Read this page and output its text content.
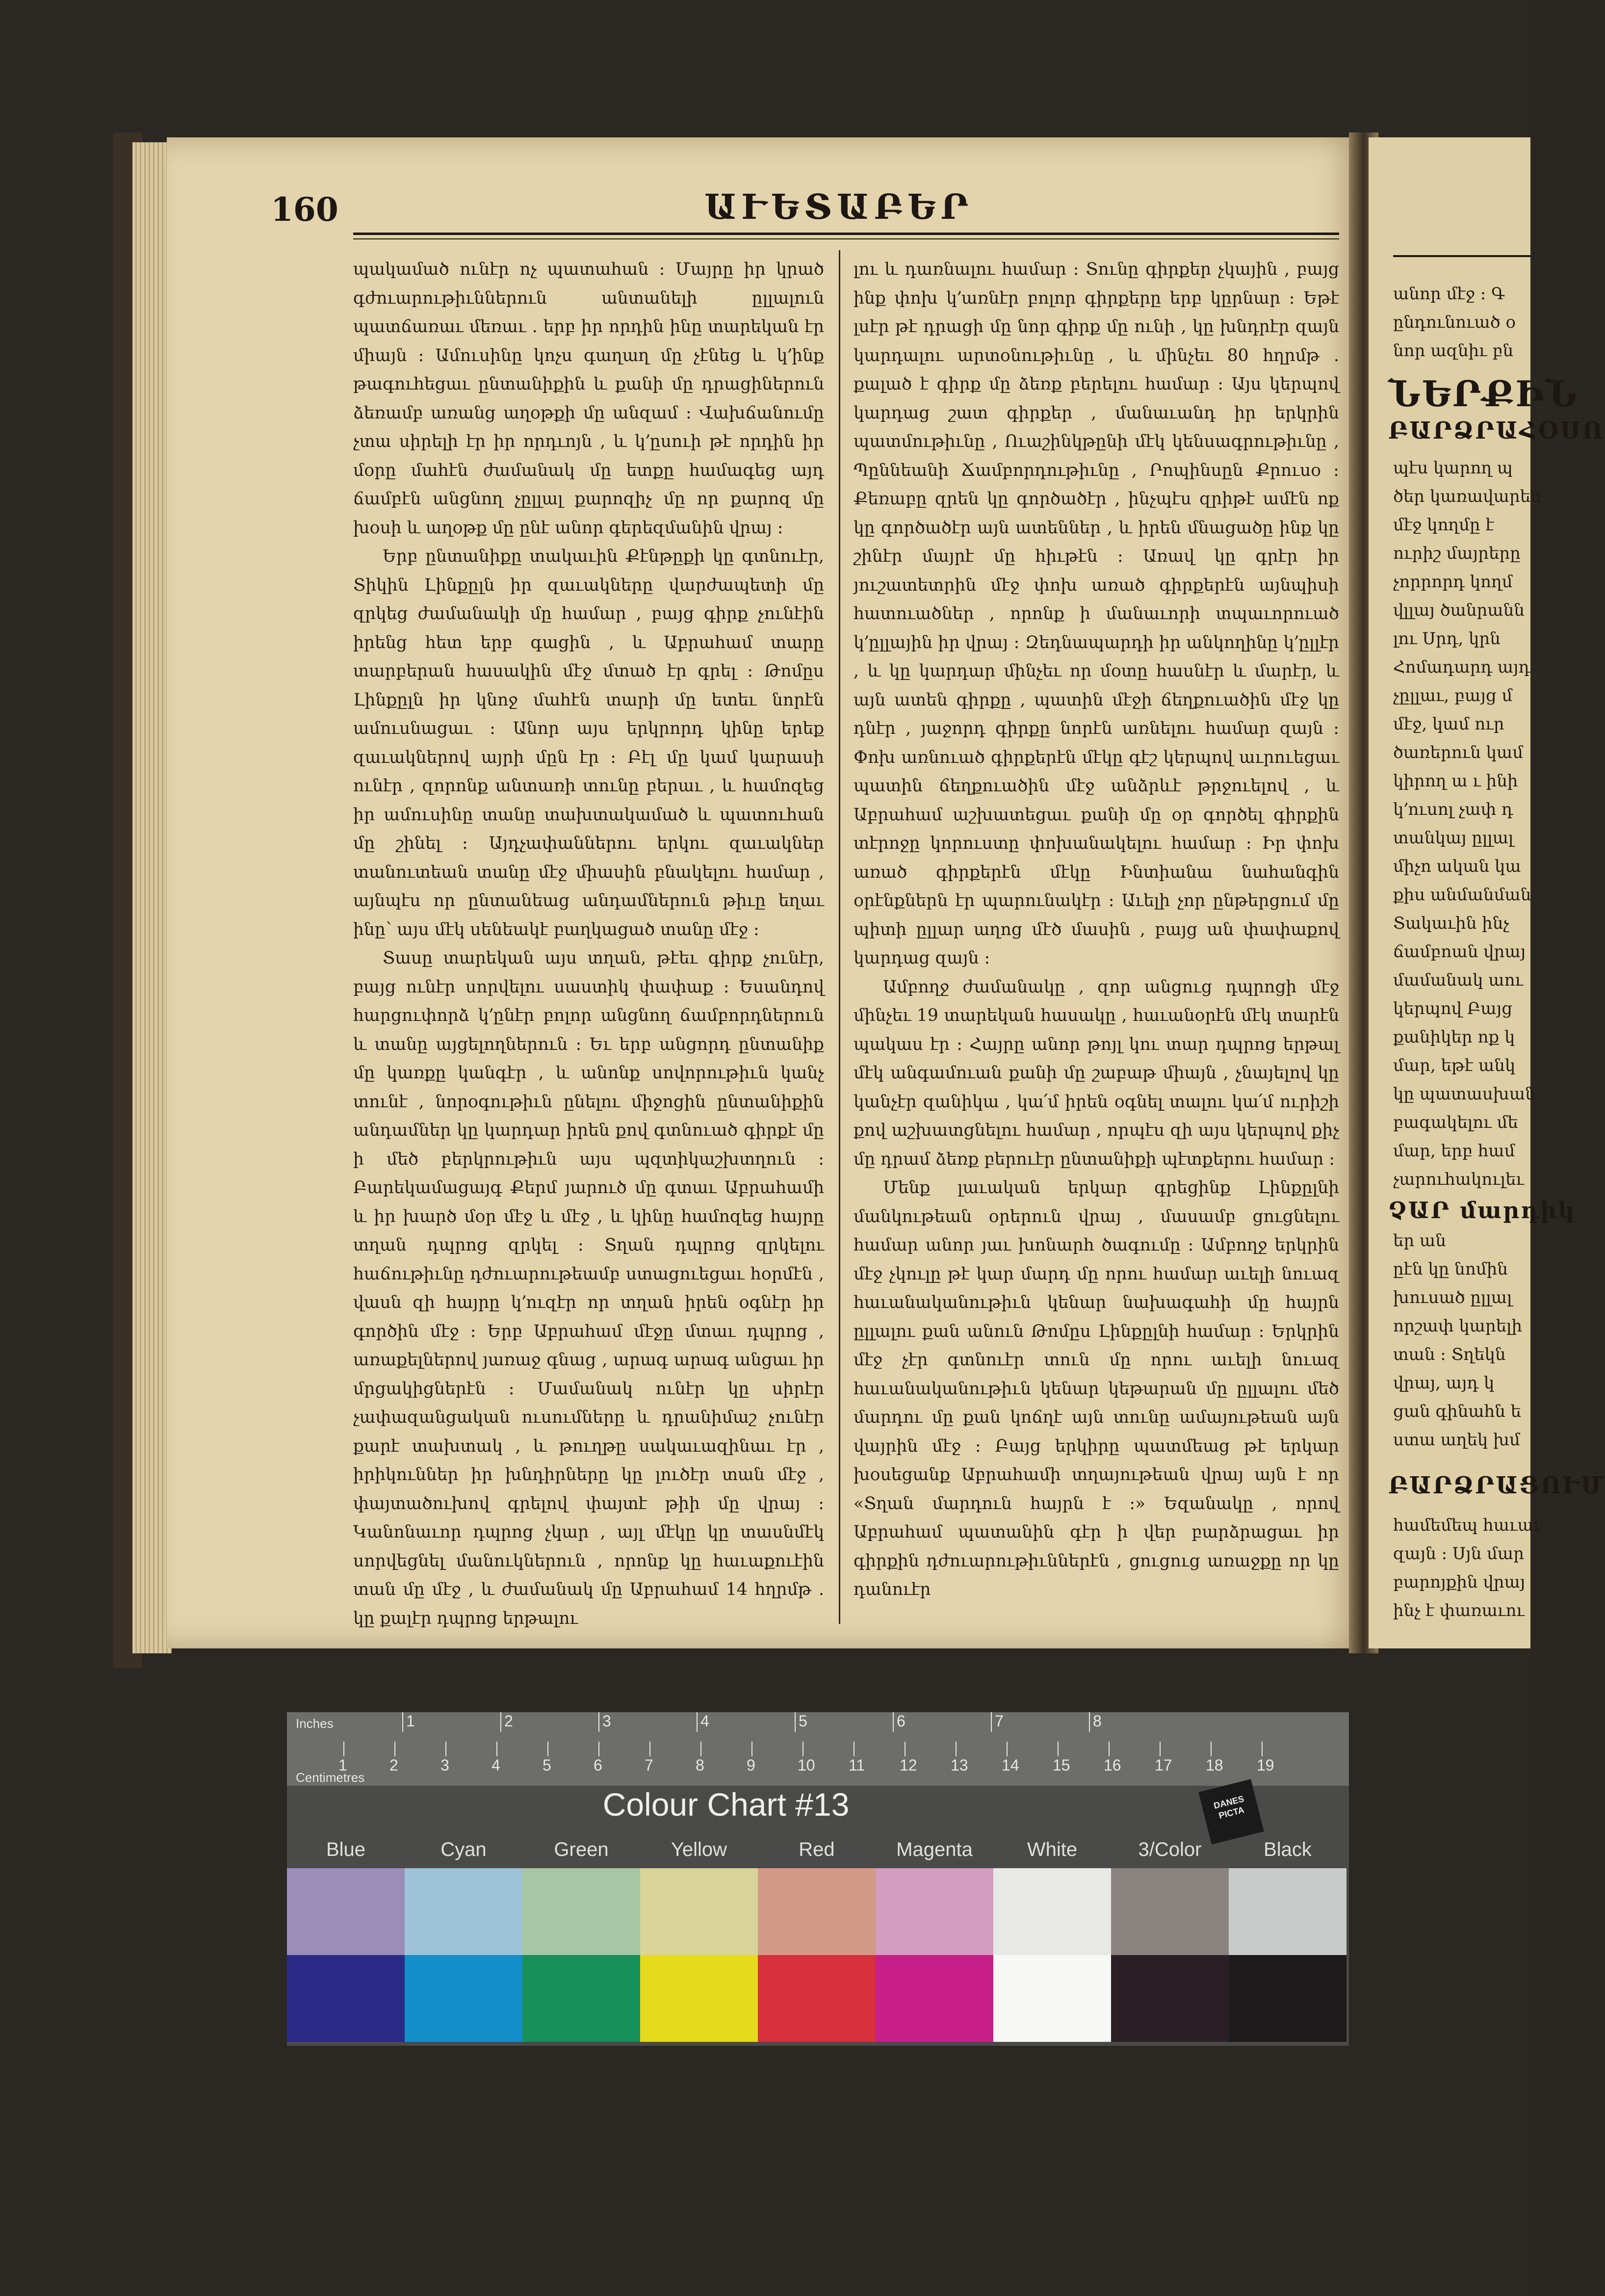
160	ԱՒԵՏԱԲԵՐ

պակամած ունէր ոչ պատահան ։ Մայրը իր կրած գժուարութիւններուն անտանելի ըլլալուն պատճառաւ մեռաւ . երբ իր որդին ինը տարեկան էր միայն ։ Ամուսինը կոչս գաղաղ մը չէնեց և կ՚ինք թագուհեցաւ ընտանիքին և քանի մը դրացիներուն ձեռամբ առանց աղօթքի մը անզամ ։ Վախճանումը չտա սիրելի էր իր որդւոյն , և կ՚ըսուի թէ որդին իր մօրը մահէն ժամանակ մը ետքը համագեց այդ ճամբէն անցնող չըլլալ քարոզիչ մը որ քարոզ մը խօսի և աղօթք մը ընէ անոր գերեզմանին վրայ ։

Երբ ընտանիքը տակաւին Քէնթըքի կը գտնուէր, Տիկին Լինքըլն իր զաւակները վարժապետի մը զրկեց ժամանակի մը համար , բայց գիրք չունէին իրենց հետ երբ գացին , և Աբրահամ տարը տարբերան հասակին մէջ մտած էր գրել ։ Թոմըս Լինքըլն իր կնոջ մահէն տարի մը ետեւ նորէն ամուսնացաւ ։ Անոր այս երկրորդ կինը երեք զաւակներով այրի մըն էր ։ Բէլ մը կամ կարասի ունէր , զորոնք անտառի տունը բերաւ , և համոզեց իր ամուսինը տանը տախտակամած և պատուհան մը շինել ։ Այդչափաններու երկու զաւակներ տանուտեան տանը մէջ միասին բնակելու համար , այնպէս որ ընտանեաց անդամներուն թիւը եղաւ ինը՝ այս մէկ սենեակէ բաղկացած տանը մէջ ։

Տասը տարեկան այս տղան, թէեւ գիրք չունէր, բայց ունէր սորվելու սաստիկ փափաք ։ Եսանդով հարցուփորձ կ՚ընէր բոլոր անցնող ճամբորդներուն և տանը այցելողներուն ։ Եւ երբ անցորդ ընտանիք մը կառքը կանգէր , և անոնք սովորութիւն կանչ տունէ , նորօգութիւն ընելու միջոցին ընտանիքին անդամներ կը կարդար իրեն քով գտնուած գիրքէ մը ի մեծ բերկրութիւն այս պզտիկաշխտղուն ։ Բարեկամացայգ Քերմ յարուծ մը գտաւ Աբրահամի և իր խարծ մօր մէջ և մէջ , և կինը համոզեց հայրը տղան դպրոց զրկել ։ Տղան դպրոց զրկելու հաճութիւնը դժուարութեամբ ստացուեցաւ հօրմէն , վասն զի հայրը կ՚ուզէր որ տղան իրեն օգնէր իր գործին մէջ ։ Երբ Աբրահամ մէջը մտաւ դպրոց , առաքելներով յառաջ գնաց , արագ արագ անցաւ իր մրցակիցներէն ։ Մամանակ ունէր կը սիրէր չափազանցական ուսումները և դրանիմաշ չունէր քարէ տախտակ , և թուղթը սակաւազինաւ էր , իրիկուններ իր խնդիրները կը լուծէր տան մէջ , փայտածուխով գրելով փայտէ թիի մը վրայ ։ Կանոնաւոր դպրոց չկար , այլ մէկը կը տասնմէկ սորվեցնել մանուկներուն , որոնք կը հաւաքուէին տան մը մէջ , և ժամանակ մը Աբրահամ 14 հղրմթ . կը քալէր դպրոց երթալու

լու և դառնալու համար ։ Տունը գիրքեր չկային , բայց ինք փոխ կ՚առնէր բոլոր գիրքերը երբ կըրնար ։ Եթէ լսէր թէ դրացի մը նոր գիրք մը ունի , կը խնդրէր զայն կարդալու արտօնութիւնը , և մինչեւ 80 հղրմթ . քալած է գիրք մը ձեռք բերելու համար ։ Այս կերպով կարդաց շատ գիրքեր , մանաւանդ իր երկրին պատմութիւնը , Ուաշինկթընի մէկ կենսագրութիւնը , Պըննեանի Ճամբորդութիւնը , Րոպինսըն Քրուսօ ։ Քեռաբը զրեն կը գործածէր , ինչպէս զրիթէ ամէն ոք կը գործածէր այն ատեններ , և իրեն մնացածը ինք կը շինէր մայրէ մը հիւթէն ։ Առավ կը գրէր իր յուշատետրին մէջ փոխ առած գիրքերէն այնպիսի հատուածներ , որոնք ի մանաւորի տպաւորուած կ՚ըլլային իր վրայ ։ Զեդնապարդի իր անկողինը կ՚ըլլէր , և կը կարդար մինչեւ որ մօտը հասնէր և մարէր, և այն ատեն գիրքը , պատին մէջի ճեղքուածին մէջ կը դնէր , յաջորդ գիրքը նորէն առնելու համար զայն ։ Փոխ առնուած գիրքերէն մէկը գէշ կերպով աւրուեցաւ պատին ճեղքուածին մէջ անձրևէ թրջուելով , և Աբրահամ աշխատեցաւ քանի մը օր գործել գիրքին տէրոջը կորուստը փոխանակելու համար ։ Իր փոխ առած գիրքերէն մէկը Ինտիանա նահանգին օրէնքներն էր պարունակէր ։ Աւելի չոր ընթերցում մը պիտի ըլլար աղոց մէծ մասին , բայց ան փափաքով կարդաց զայն ։

Ամբողջ ժամանակը , զոր անցուց դպրոցի մէջ մինչեւ 19 տարեկան հասակը , հաւանօրէն մէկ տարէն պակաս էր ։ Հայրը անոր թոյլ կու տար դպրոց երթալ մէկ անգամուան քանի մը շաբաթ միայն , չնայելով կը կանչէր զանիկա , կա՛մ իրեն օգնել տալու կա՛մ ուրիշի քով աշխատցնելու համար , որպէս զի այս կերպով քիչ մը դրամ ձեռք բերուէր ընտանիքի պէտքերու համար ։

Մենք լաւական երկար գրեցինք Լինքըլնի մանկութեան օրերուն վրայ , մասամբ ցուցնելու համար անոր յաւ խոնարհ ծագումը ։ Ամբողջ երկրին մէջ չկուլը թէ կար մարդ մը որու համար աւելի նուազ հաւանականութիւն կենար նախագահի մը հայրն ըլլալու քան անուն Թոմըս Լինքըլնի համար ։ Երկրին մէջ չէր գտնուէր տուն մը որու աւելի նուազ հաւանականութիւն կենար կեթարան մը ըլլալու մեծ մարդու մը քան կոճղէ այն տունը ամայութեան այն վայրին մէջ ։ Բայց երկիրը պատմեաց թէ երկար խօսեցանք Աբրահամի տղայութեան վրայ այն է որ «Տղան մարդուն հայրն է ։» Եզանակը , որով Աբրահամ պատանին գէր ի վեր բարձրացաւ իր գիրքին դժուարութիւններէն , ցուցուց առաջքը որ կը դանուէր

անոր մէջ ։ Գ
ընդունուած օ
նոր ազնիւ բն
ՆԵՐՔԻՆ
ԲԱՐՁՐԱՀՕՍՈ
պէս կարող պ
ծեր կառավարեն
մէջ կողմը է
ուրիշ մայրերը
չորրորդ կողմ
վլլայ ծանրանն
լու Սրդ, կրն
Հոմադարդ այդ
չըլլաւ, բայց մ
մէջ, կամ ուր
ծառերուն կամ
կիրող ա ւ ինի
կ՚ուսոլ չափ դ
տանկայ ըլլալ
միչո ական կա
քիս անմանման
Տակաւին ինչ
ճամբոան վրայ
մամանակ աու
կերպով Բայց
քանիկեր ոք կ
մար, եթէ անկ
կը պատասխան
բագակելու մե
մար, երբ համ
չարուհակուլեւ
ՉԱՐ մարդիկ
եր ան
ըէն կը նոմին
խուսած ըլլալ
որշափ կարելի
տան ։ Տղեկն
վրայ, այդ կ
ցան գինահն ե
ստա աղեկ խմ
ԲԱՐՁՐԱՑՈՒՄ
համեմեպ հաւաւ
զայն ։ Սյն մար
բարոյքին վրայ
ինչ է փառաւու
Inches
Centimetres
1	2	3	4	5	6	7	8
1	2	3	4	5	6	7	8	9	10 11 12 13 14 15 16 17 18 19
Colour Chart #13	DANES PICTA
Blue	Cyan	Green	Yellow	Red	Magenta	White	3/Color	Black
